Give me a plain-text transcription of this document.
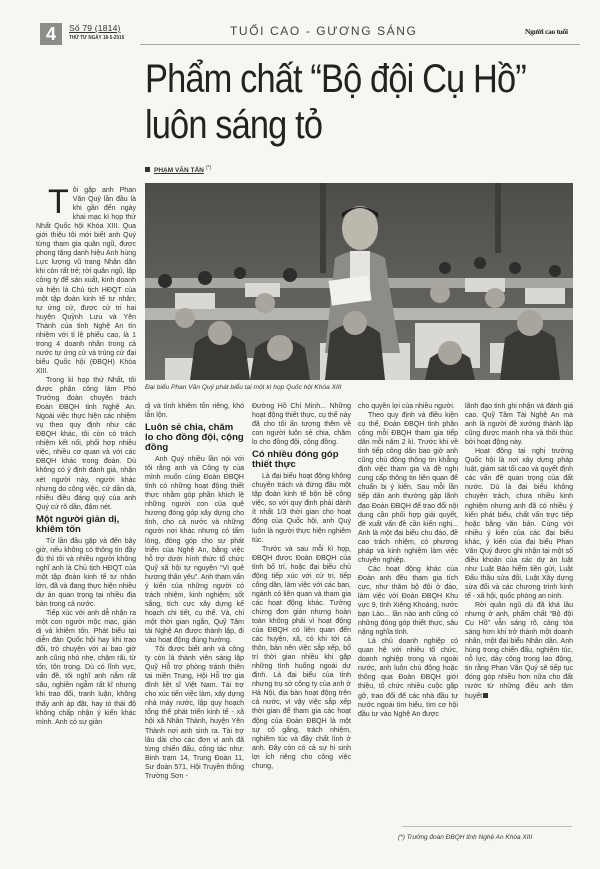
4	Số 79 (1814)
THỨ TƯ NGÀY 18-5-2016	TUỔI CAO - GƯƠNG SÁNG	Người cao tuổi
Phẩm chất “Bộ đội Cụ Hồ”
luôn sáng tỏ
PHẠM VĂN TẤN (*)
Đại biểu Phan Văn Quý phát biểu tại một kì họp Quốc hội Khóa XIII

Tôi gặp anh Phan Văn Quý lần đầu là khi gần đến ngày khai mạc kì họp thứ Nhất Quốc hội Khóa XIII. Qua giới thiệu tôi mới biết anh Quý từng tham gia quân ngũ, được phong tặng danh hiệu Anh hùng Lực lượng vũ trang Nhân dân khi còn rất trẻ; rời quân ngũ, lập công ty để sản xuất, kinh doanh và hiện là Chủ tịch HĐQT của một tập đoàn kinh tế tư nhân; tự ứng cử, được cử tri hai huyện Quỳnh Lưu và Yên Thành của tỉnh Nghệ An tín nhiệm với tỉ lệ phiếu cao, là 1 trong 4 doanh nhân trong cả nước tự ứng cử và trúng cử đại biểu Quốc hội (ĐBQH) Khóa XIII.

Trong kì họp thứ Nhất, tôi được phân công làm Phó Trưởng đoàn chuyên trách Đoàn ĐBQH tỉnh Nghệ An. Ngoài việc thực hiện các nhiệm vụ theo quy định như các ĐBQH khác, tôi còn có trách nhiệm kết nối, phối hợp nhiều việc, nhiều cơ quan và với các ĐBQH khác trong đoàn. Dù không có ý định đánh giá, nhận xét người này, người khác nhưng do công việc, cứ dần dà, nhiều điều đáng quý của anh Quý cứ rõ dần, đậm nét.

Một người giản dị, khiêm tốn

Từ lần đầu gặp và đến bây giờ, nếu không có thông tin đầy đủ thì tôi và nhiều người không nghĩ anh là Chủ tịch HĐQT của một tập đoàn kinh tế tư nhân lớn, đã và đang thực hiện nhiều dự án quan trọng tại nhiều địa bàn trong cả nước.

Tiếp xúc với anh dễ nhận ra một con người mộc mạc, giản dị và khiêm tốn. Phát biểu tại diễn đàn Quốc hội hay khi trao đổi, trò chuyện với ai bao giờ anh cũng nhỏ nhẹ, chậm rãi, từ tốn, tôn trọng. Dù có lĩnh vực, vấn đề, tôi nghĩ anh nắm rất sâu, nghiền ngẫm rất kĩ nhưng khi trao đổi, tranh luận, không thấy anh áp đặt, hay tỏ thái độ không chấp nhận ý kiến khác mình. Anh có sự giản

dị và tính khiêm tốn riêng, khó lẫn lộn.

Luôn sẻ chia, chăm lo cho đồng đội, cộng đồng

Anh Quý nhiều lần nói với tôi rằng anh và Công ty của mình muốn cùng Đoàn ĐBQH tỉnh có những hoạt động thiết thực nhằm góp phần khích lệ những người con của quê hương đóng góp xây dựng cho tỉnh, cho cả nước và những người nơi khác nhưng có tấm lòng, đóng góp cho sự phát triển của Nghệ An, bằng việc hỗ trợ dưới hình thức tổ chức Quỹ xã hội tự nguyện “Vì quê hương thân yêu”. Anh tham vấn ý kiến của những người có trách nhiệm, kinh nghiệm; sốt sắng, tích cực xây dựng kế hoạch chi tiết, cụ thể. Và, chỉ một thời gian ngắn, Quỹ Tâm tài Nghệ An được thành lập, đi vào hoạt động đúng hướng.

Tôi được biết anh và công ty còn là thành viên sáng lập Quỹ Hỗ trợ phòng tránh thiên tai miền Trung, Hội Hỗ trợ gia đình liệt sĩ Việt Nam. Tài trợ cho xúc tiến việc làm, xây dựng nhà máy nước, lập quy hoạch tổng thể phát triển kinh tế - xã hội xã Nhân Thành, huyện Yên Thành nơi anh sinh ra. Tài trợ lâu dài cho các đơn vị anh đã từng chiến đấu, công tác như: Binh trạm 14, Trung Đoàn 11, Sư đoàn 571, Hội Truyền thống Trường Sơn -

Đường Hồ Chí Minh... Những hoạt động thiết thực, cụ thể này đã cho tôi ấn tượng thêm về con người luôn sẻ chia, chăm lo cho đồng đội, cộng đồng.

Có nhiều đóng góp thiết thực

Là đại biểu hoạt động không chuyên trách và đứng đầu một tập đoàn kinh tế bộn bề công việc, so với quy định phải dành ít nhất 1/3 thời gian cho hoạt động của Quốc hội, anh Quý luôn là người thực hiện nghiêm túc.

Trước và sau mỗi kì họp, ĐBQH được Đoàn ĐBQH của tỉnh bố trí, hoặc đại biểu chủ động tiếp xúc với cử tri, tiếp công dân, làm việc với các ban, ngành có liên quan và tham gia các hoạt động khác. Tưởng chừng đơn giản nhưng hoàn toàn không phải vì hoạt động của ĐBQH có liên quan đến các huyện, xã, có khi tới cả thôn, bản nên việc sắp xếp, bố trí thời gian nhiều khi gặp những tình huống ngoài dự định. Là đại biểu của tỉnh nhưng trụ sở công ty của anh ở Hà Nội, địa bàn hoạt động trên cả nước, vì vậy việc sắp xếp thời gian để tham gia các hoạt động của Đoàn ĐBQH là một sự cố gắng, trách nhiệm, nghiêm túc và đầy chất lính ở anh. Đây còn có cả sự hi sinh lợi ích riêng cho công việc chung,

cho quyền lợi của nhiều người.

Theo quy định và điều kiện cụ thể, Đoàn ĐBQH tỉnh phân công mỗi ĐBQH tham gia tiếp dân mỗi năm 2 kì. Trước khi về tỉnh tiếp công dân bao giờ anh cũng chủ động thông tin khẳng định việc tham gia và đề nghị cung cấp thông tin liên quan để chuẩn bị ý kiến. Sau mỗi lần tiếp dân anh thường gặp lãnh đạo Đoàn ĐBQH để trao đổi nội dung cần phối hợp giải quyết, đề xuất vấn đề cần kiến nghị... Anh là một đại biểu chu đáo, đề cao trách nhiệm, có phương pháp và kinh nghiệm làm việc chuyên nghiệp.

Các hoạt động khác của Đoàn anh đều tham gia tích cực, như thăm bộ đội ở đảo, làm việc với Đoàn ĐBQH Khu vực 9, tỉnh Xiêng Khoảng, nước bạn Lào... lần nào anh cũng có những đóng góp thiết thực, sâu nặng nghĩa tình.

Là chủ doanh nghiệp có quan hệ với nhiều tổ chức, doanh nghiệp trong và ngoài nước, anh luôn chủ động hoặc thông qua Đoàn ĐBQH giới thiệu, tổ chức nhiều cuộc gặp gỡ, trao đổi để các nhà đầu tư nước ngoài tìm hiểu, tìm cơ hội đầu tư vào Nghệ An được

lãnh đạo tỉnh ghi nhận và đánh giá cao. Quỹ Tâm Tài Nghệ An mà anh là người đề xướng thành lập cũng được manh nha và thôi thúc bởi hoạt động này.

Hoạt động tại nghị trường Quốc hội là nơi xây dựng pháp luật, giám sát tối cao và quyết định các vấn đề quan trọng của đất nước. Dù là đại biểu không chuyên trách, chưa nhiều kinh nghiệm nhưng anh đã có nhiều ý kiến phát biểu, chất vấn trực tiếp hoặc bằng văn bản. Cùng với nhiều ý kiến của các đại biểu khác, ý kiến của đại biểu Phan Văn Quý được ghi nhận tại một số điều khoản của các dự án luật như Luật Bảo hiểm tiền gửi, Luật Đấu thầu sửa đổi, Luật Xây dựng sửa đổi và các chương trình kinh tế - xã hội, quốc phòng an ninh.

Rời quân ngũ dù đã khá lâu nhưng ở anh, phẩm chất “Bộ đội Cụ Hồ” vẫn sáng rõ, càng tỏa sáng hơn khi trở thành một doanh nhân, một đại biểu Nhân dân. Anh hùng trong chiến đấu, nghiêm túc, nỗ lực, dày công trong lao động, tin rằng Phan Văn Quý sẽ tiếp tục đóng góp nhiều hơn nữa cho đất nước từ những điều anh tâm huyết

(*) Trưởng đoàn ĐBQH tỉnh Nghệ An Khóa XIII
